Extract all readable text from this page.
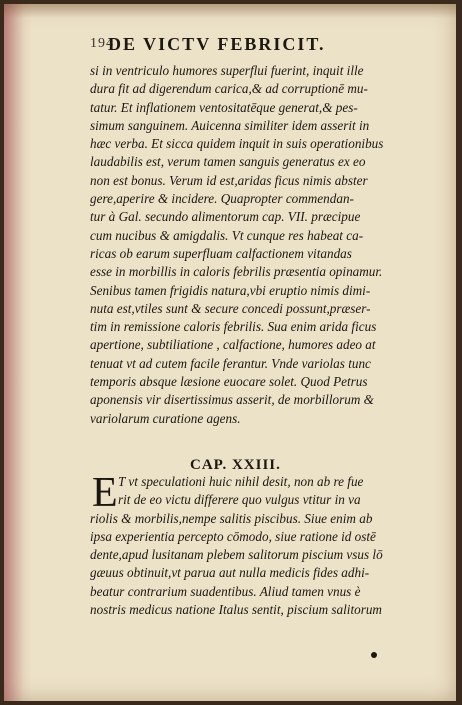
194
DE VICTV FEBRICIT.
si in ventriculo humores superflui fuerint, inquit ille
dura fit ad digerendum carica,& ad corruptionē mu-
tatur. Et inflationem ventositatēque generat,& pes-
simum sanguinem. Auicenna similiter idem asserit in
hæc verba. Et sicca quidem inquit in suis operationibus
laudabilis est, verum tamen sanguis generatus ex eo
non est bonus. Verum id est,aridas ficus nimis abster
gere,aperire & incidere. Quapropter commendan-
tur à Gal. secundo alimentorum cap. VII. præcipue
cum nucibus & amigdalis. Vt cunque res habeat ca-
ricas ob earum superfluam calfactionem vitandas
esse in morbillis in caloris febrilis præsentia opinamur.
Senibus tamen frigidis natura,vbi eruptio nimis dimi-
nuta est,vtiles sunt & secure concedi possunt,præser-
tim in remissione caloris febrilis. Sua enim arida ficus
apertione, subtiliatione , calfactione, humores adeo at
tenuat vt ad cutem facile ferantur. Vnde variolas tunc
temporis absque læsione euocare solet. Quod Petrus
aponensis vir disertissimus asserit, de morbillorum &
variolarum curatione agens.
CAP. XXIII.
E T vt speculationi huic nihil desit, non ab re fue
rit de eo victu differere quo vulgus vtitur in va
riolis & morbilis,nempe salitis piscibus. Siue enim ab
ipsa experientia percepto cōmodo, siue ratione id ostē
dente,apud lusitanam plebem salitorum piscium vsus lō
gæuus obtinuit,vt parua aut nulla medicis fides adhi-
beatur contrarium suadentibus. Aliud tamen vnus è
nostris medicus natione Italus sentit, piscium salitorum
